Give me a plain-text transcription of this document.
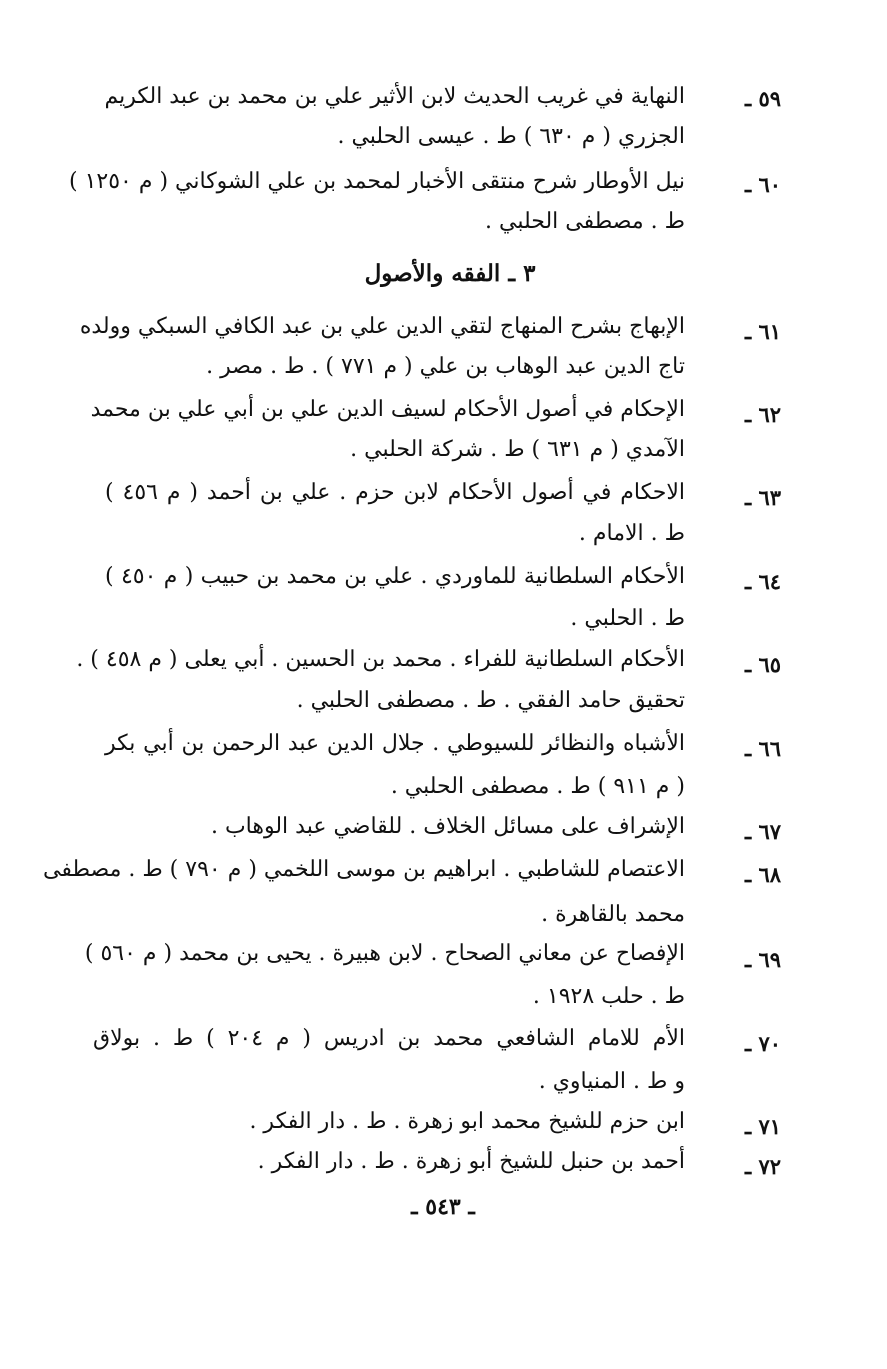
٥٩ ـ
النهاية في غريب الحديث لابن الأثير علي بن محمد بن عبد الكريم
الجزري ( م ٦٣٠ ) ط . عيسى الحلبي .
٦٠ ـ
نيل الأوطار شرح منتقى الأخبار لمحمد بن علي الشوكاني ( م ١٢٥٠ )
ط . مصطفى الحلبي .
٣ ـ الفقه والأصول
٦١ ـ
الإبهاج بشرح المنهاج لتقي الدين علي بن عبد الكافي السبكي وولده
تاج الدين عبد الوهاب بن علي ( م ٧٧١ ) . ط . مصر .
٦٢ ـ
الإحكام في أصول الأحكام لسيف الدين علي بن أبي علي بن محمد
الآمدي ( م ٦٣١ ) ط . شركة الحلبي .
٦٣ ـ
الاحكام في أصول الأحكام لابن حزم . علي بن أحمد ( م ٤٥٦ )
ط . الامام .
٦٤ ـ
الأحكام السلطانية للماوردي . علي بن محمد بن حبيب ( م ٤٥٠ )
ط . الحلبي .
٦٥ ـ
الأحكام السلطانية للفراء . محمد بن الحسين . أبي يعلى ( م ٤٥٨ ) .
تحقيق حامد الفقي . ط . مصطفى الحلبي .
٦٦ ـ
الأشباه والنظائر للسيوطي . جلال الدين عبد الرحمن بن أبي بكر
( م ٩١١ ) ط . مصطفى الحلبي .
٦٧ ـ
الإشراف على مسائل الخلاف . للقاضي عبد الوهاب .
٦٨ ـ
الاعتصام للشاطبي . ابراهيم بن موسى اللخمي ( م ٧٩٠ ) ط . مصطفى
محمد بالقاهرة .
٦٩ ـ
الإفصاح عن معاني الصحاح . لابن هبيرة . يحيى بن محمد ( م ٥٦٠ )
ط . حلب ١٩٢٨ .
٧٠ ـ
الأم للامام الشافعي محمد بن ادريس ( م ٢٠٤ ) ط . بولاق
و ط . المنياوي .
٧١ ـ
ابن حزم للشيخ محمد ابو زهرة . ط . دار الفكر .
٧٢ ـ
أحمد بن حنبل للشيخ أبو زهرة . ط . دار الفكر .
ـ ٥٤٣ ـ
